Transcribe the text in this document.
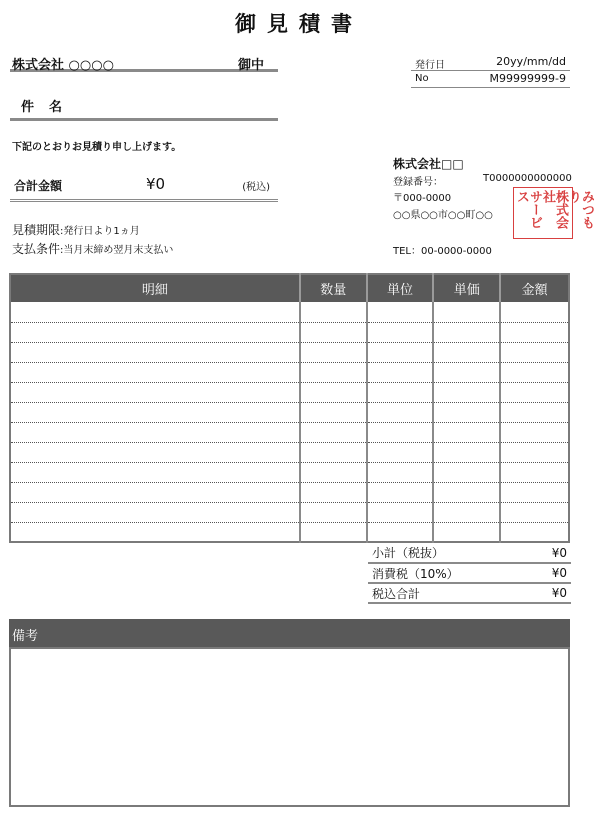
御見積書
株式会社 ○○○○	御中
件名
発行日	20yy/mm/dd
No	M99999999-9
下記のとおりお見積り申し上げます。
合計金額	¥0	(税込)
見積期限:発行日より1ヵ月
支払条件:当月末締め翌月末支払い
株式会社□□
登録番号：	T0000000000000
〒000-0000
○○県○○市○○町○○
TEL：00-0000-0000
みつもり
株式会社
サービス
明細	数量	単位	単価	金額

小計（税抜）	¥0
消費税（10%）	¥0
税込合計	¥0
備考
